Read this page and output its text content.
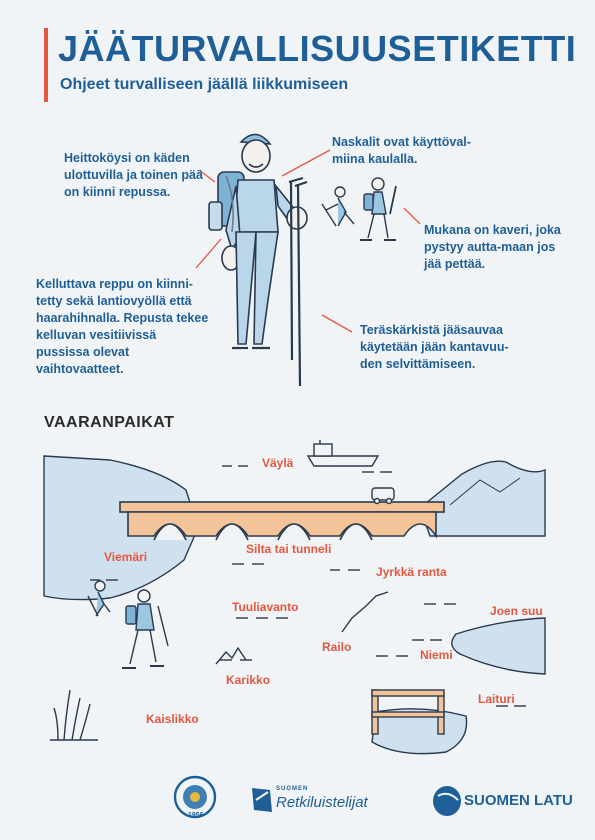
JÄÄTURVALLISUUSETIKETTI
Ohjeet turvalliseen jäällä liikkumiseen
Heittoköysi on käden ulottuvilla ja toinen pää on kiinni repussa.
Naskalit ovat käyttöval-miina kaulalla.
Mukana on kaveri, joka pystyy autta-maan jos jää pettää.
Kelluttava reppu on kiinni-tetty sekä lantiovyöllä että haarahihnalla. Repusta tekee kelluvan vesitiivissä pussissa olevat vaihtovaatteet.
Teräskärkistä jääsauvaa käytetään jään kantavuu-den selvittämiseen.
VAARANPAIKAT
Väylä
Silta tai tunneli
Viemäri
Jyrkkä ranta
Tuuliavanto	Joen suu
Railo
Niemi
Karikko
Laituri
Kaislikko
1956
SUOMEN
Retkiluistelijat	SUOMEN LATU
